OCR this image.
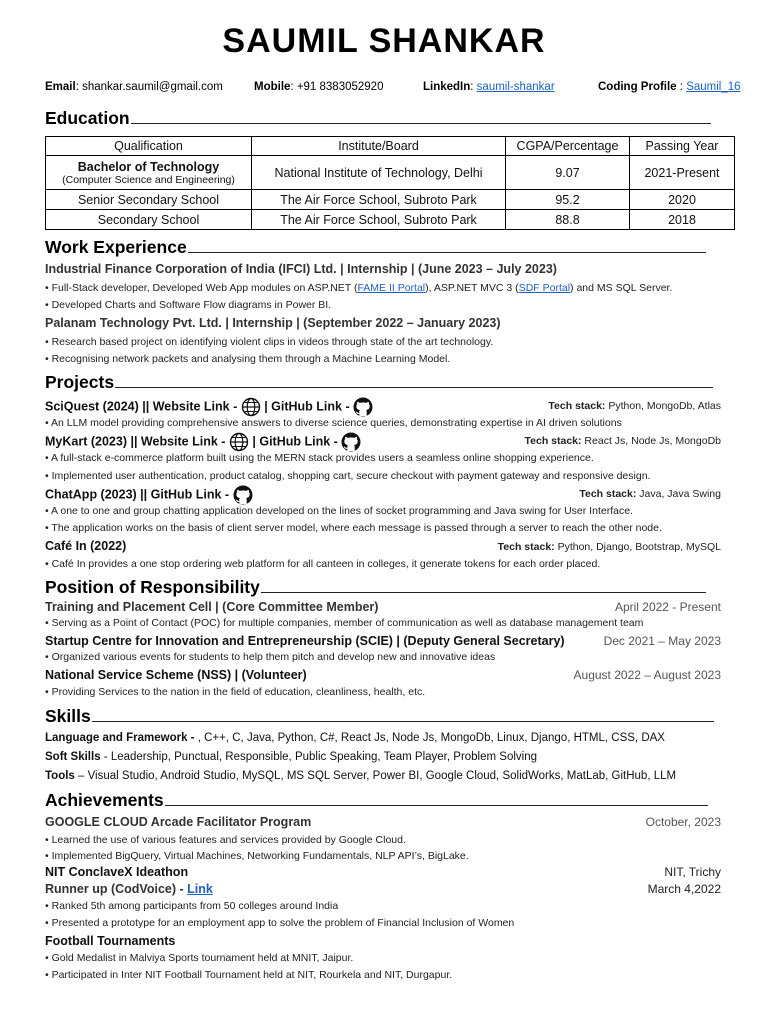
SAUMIL SHANKAR
Email: shankar.saumil@gmail.com	Mobile: +91 8383052920	LinkedIn: saumil-shankar	Coding Profile : Saumil_16
Education
Qualification	Institute/Board	CGPA/Percentage	Passing Year

Bachelor of Technology
(Computer Science and Engineering)	National Institute of Technology, Delhi	9.07	2021-Present
Senior Secondary School	The Air Force School, Subroto Park	95.2	2020
Secondary School	The Air Force School, Subroto Park	88.8	2018
Work Experience
Industrial Finance Corporation of India (IFCI) Ltd. | Internship | (June 2023 – July 2023)
• Full-Stack developer, Developed Web App modules on ASP.NET (FAME II Portal), ASP.NET MVC 3 (SDF Portal) and MS SQL Server.
• Developed Charts and Software Flow diagrams in Power BI.
Palanam Technology Pvt. Ltd. | Internship | (September 2022 – January 2023)
• Research based project on identifying violent clips in videos through state of the art technology.
• Recognising network packets and analysing them through a Machine Learning Model.
Projects
SciQuest (2024) || Website Link -  | GitHub Link -	Tech stack: Python, MongoDb, Atlas
• An LLM model providing comprehensive answers to diverse science queries, demonstrating expertise in AI driven solutions
MyKart (2023) || Website Link -  | GitHub Link -	Tech stack: React Js, Node Js, MongoDb
• A full-stack e-commerce platform built using the MERN stack provides users a seamless online shopping experience.
• Implemented user authentication, product catalog, shopping cart, secure checkout with payment gateway and responsive design.
ChatApp (2023) || GitHub Link -	Tech stack: Java, Java Swing
• A one to one and group chatting application developed on the lines of socket programming and Java swing for User Interface.
• The application works on the basis of client server model, where each message is passed through a server to reach the other node.
Café In (2022)	Tech stack: Python, Django, Bootstrap, MySQL
• Café In provides a one stop ordering web platform for all canteen in colleges, it generate tokens for each order placed.
Position of Responsibility
Training and Placement Cell | (Core Committee Member)	April 2022 - Present
• Serving as a Point of Contact (POC) for multiple companies, member of communication as well as database management team
Startup Centre for Innovation and Entrepreneurship (SCIE) | (Deputy General Secretary)	Dec 2021 – May 2023
• Organized various events for students to help them pitch and develop new and innovative ideas
National Service Scheme (NSS) | (Volunteer)	August 2022 – August 2023
• Providing Services to the nation in the field of education, cleanliness, health, etc.
Skills
Language and Framework - , C++, C, Java, Python, C#, React Js, Node Js, MongoDb, Linux, Django, HTML, CSS, DAX
Soft Skills - Leadership, Punctual, Responsible, Public Speaking, Team Player, Problem Solving
Tools – Visual Studio, Android Studio, MySQL, MS SQL Server, Power BI, Google Cloud, SolidWorks, MatLab, GitHub, LLM
Achievements
GOOGLE CLOUD Arcade Facilitator Program	October, 2023
• Learned the use of various features and services provided by Google Cloud.
• Implemented BigQuery, Virtual Machines, Networking Fundamentals, NLP API’s, BigLake.
NIT ConclaveX Ideathon	NIT, Trichy
Runner up (CodVoice) - Link	March 4,2022
• Ranked 5th among participants from 50 colleges around India
• Presented a prototype for an employment app to solve the problem of Financial Inclusion of Women
Football Tournaments
• Gold Medalist in Malviya Sports tournament held at MNIT, Jaipur.
• Participated in Inter NIT Football Tournament held at NIT, Rourkela and NIT, Durgapur.
